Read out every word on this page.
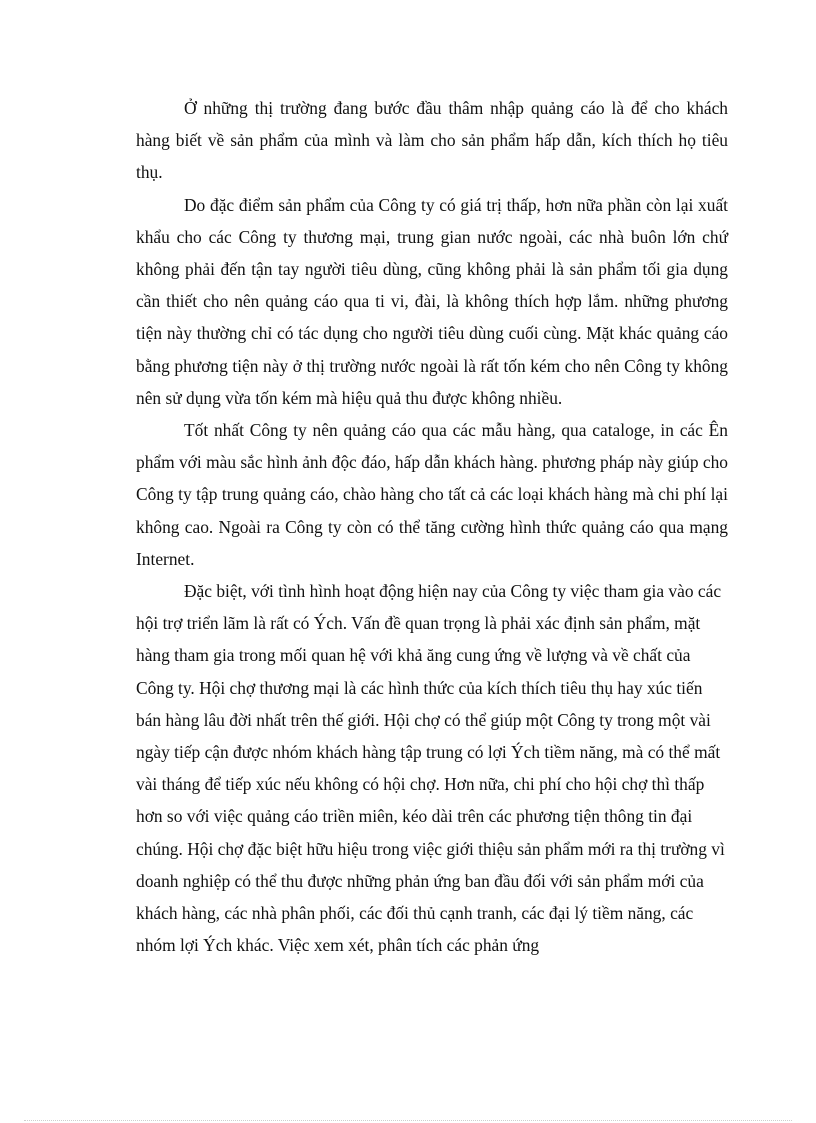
Ở những thị trường đang bước đầu thâm nhập quảng cáo là để cho khách hàng biết về sản phẩm của mình và làm cho sản phẩm hấp dẫn, kích thích họ tiêu thụ.

Do đặc điểm sản phẩm của Công ty có giá trị thấp, hơn nữa phần còn lại xuất khẩu cho các Công ty thương mại, trung gian nước ngoài, các nhà buôn lớn chứ không phải đến tận tay người tiêu dùng, cũng không phải là sản phẩm tối gia dụng cần thiết cho nên quảng cáo qua ti vi, đài, là không thích hợp lắm. những phương tiện này thường chỉ có tác dụng cho người tiêu dùng cuối cùng. Mặt khác quảng cáo bằng phương tiện này ở thị trường nước ngoài là rất tốn kém cho nên Công ty không nên sử dụng vừa tốn kém mà hiệu quả thu được không nhiều.

Tốt nhất Công ty nên quảng cáo qua các mẫu hàng, qua cataloge, in các Ên phẩm với màu sắc hình ảnh độc đáo, hấp dẫn khách hàng. phương pháp này giúp cho Công ty tập trung quảng cáo, chào hàng cho tất cả các loại khách hàng mà chi phí lại không cao. Ngoài ra Công ty còn có thể tăng cường hình thức quảng cáo qua mạng Internet.

Đặc biệt, với tình hình hoạt động hiện nay của Công ty việc tham gia vào các hội trợ triển lãm là rất có Ých. Vấn đề quan trọng là phải xác định sản phẩm, mặt hàng tham gia trong mối quan hệ với khả ăng cung ứng về lượng và về chất của Công ty. Hội chợ thương mại là các hình thức của kích thích tiêu thụ hay xúc tiến bán hàng lâu đời nhất trên thế giới. Hội chợ có thể giúp một Công ty trong một vài ngày tiếp cận được nhóm khách hàng tập trung có lợi Ých tiềm năng, mà có thể mất vài tháng để tiếp xúc nếu không có hội chợ. Hơn nữa, chi phí cho hội chợ thì thấp hơn so với việc quảng cáo triền miên, kéo dài trên các phương tiện thông tin đại chúng. Hội chợ đặc biệt hữu hiệu trong việc giới thiệu sản phẩm mới ra thị trường vì doanh nghiệp có thể thu được những phản ứng ban đầu đối với sản phẩm mới của khách hàng, các nhà phân phối, các đối thủ cạnh tranh, các đại lý tiềm năng, các nhóm lợi Ých khác. Việc xem xét, phân tích các phản ứng
